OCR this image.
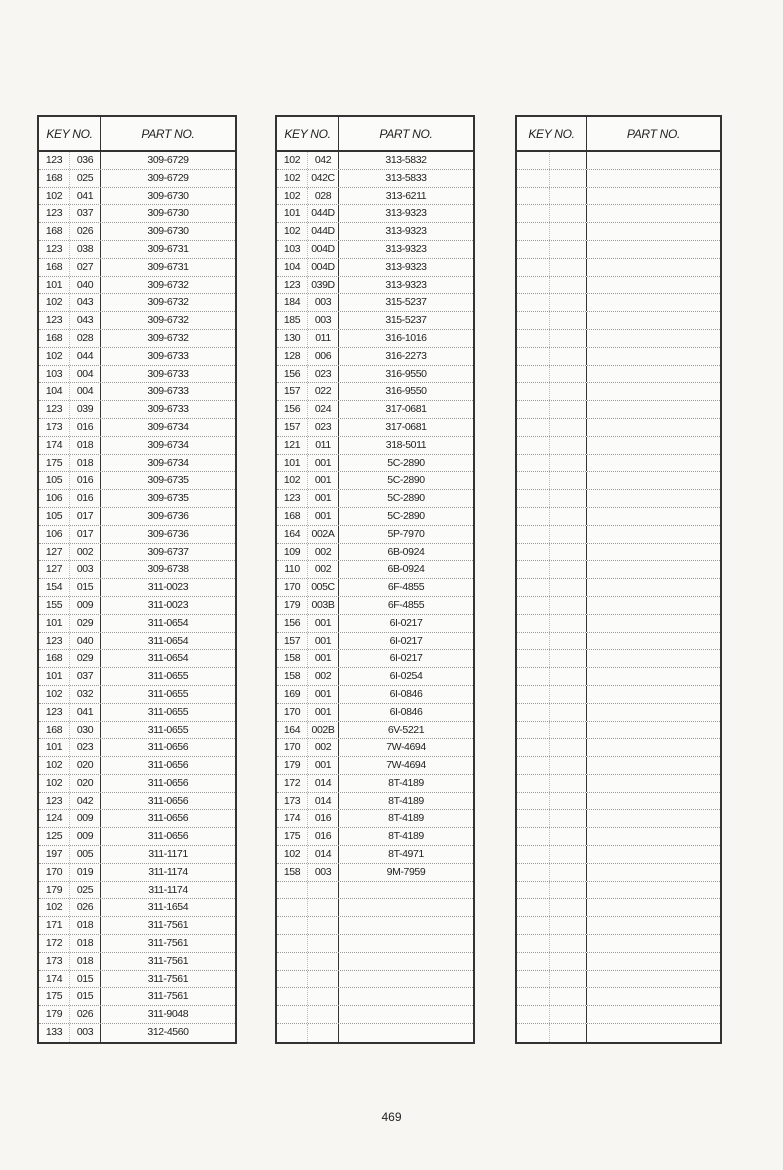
KEY NO.	PART NO.
123	036	309-6729
168	025	309-6729
102	041	309-6730
123	037	309-6730
168	026	309-6730
123	038	309-6731
168	027	309-6731
101	040	309-6732
102	043	309-6732
123	043	309-6732
168	028	309-6732
102	044	309-6733
103	004	309-6733
104	004	309-6733
123	039	309-6733
173	016	309-6734
174	018	309-6734
175	018	309-6734
105	016	309-6735
106	016	309-6735
105	017	309-6736
106	017	309-6736
127	002	309-6737
127	003	309-6738
154	015	311-0023
155	009	311-0023
101	029	311-0654
123	040	311-0654
168	029	311-0654
101	037	311-0655
102	032	311-0655
123	041	311-0655
168	030	311-0655
101	023	311-0656
102	020	311-0656
102	020	311-0656
123	042	311-0656
124	009	311-0656
125	009	311-0656
197	005	311-1171
170	019	311-1174
179	025	311-1174
102	026	311-1654
171	018	311-7561
172	018	311-7561
173	018	311-7561
174	015	311-7561
175	015	311-7561
179	026	311-9048
133	003	312-4560
KEY NO.	PART NO.
102	042	313-5832
102	042C	313-5833
102	028	313-6211
101	044D	313-9323
102	044D	313-9323
103	004D	313-9323
104	004D	313-9323
123	039D	313-9323
184	003	315-5237
185	003	315-5237
130	011	316-1016
128	006	316-2273
156	023	316-9550
157	022	316-9550
156	024	317-0681
157	023	317-0681
121	011	318-5011
101	001	5C-2890
102	001	5C-2890
123	001	5C-2890
168	001	5C-2890
164	002A	5P-7970
109	002	6B-0924
110	002	6B-0924
170	005C	6F-4855
179	003B	6F-4855
156	001	6I-0217
157	001	6I-0217
158	001	6I-0217
158	002	6I-0254
169	001	6I-0846
170	001	6I-0846
164	002B	6V-5221
170	002	7W-4694
179	001	7W-4694
172	014	8T-4189
173	014	8T-4189
174	016	8T-4189
175	016	8T-4189
102	014	8T-4971
158	003	9M-7959
KEY NO.	PART NO.
469
